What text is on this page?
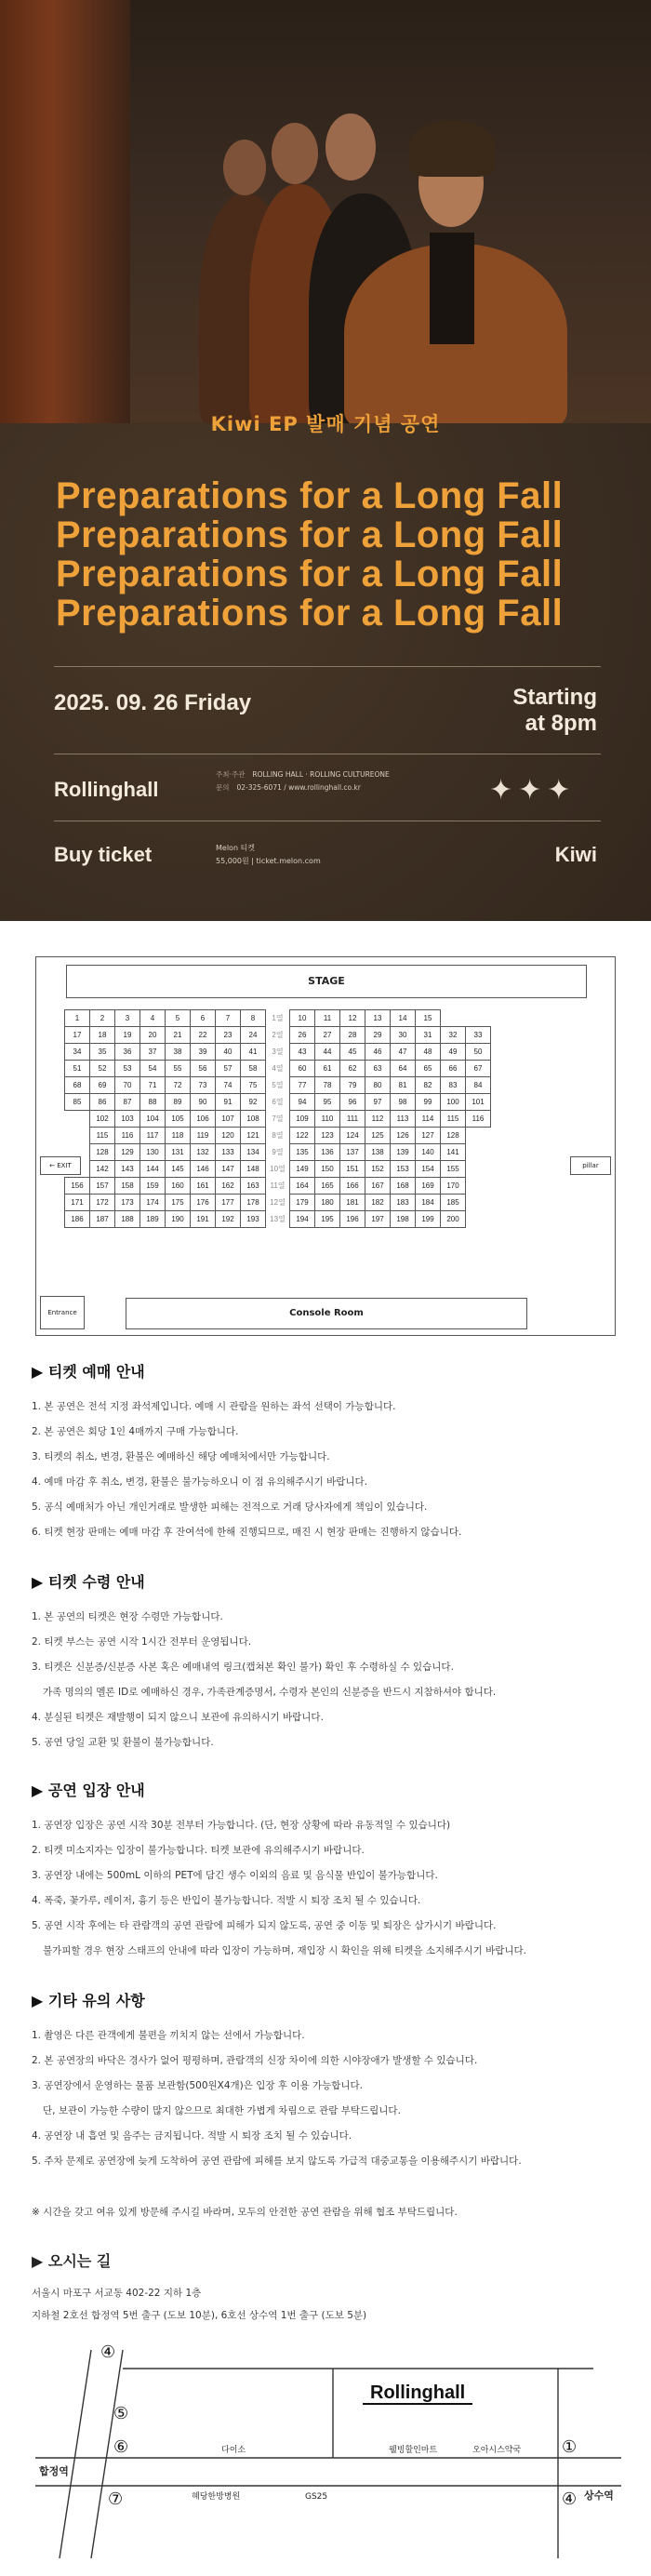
Kiwi EP 발매 기념 공연
Preparations for a Long Fall
Preparations for a Long Fall
Preparations for a Long Fall
Preparations for a Long Fall
2025. 09. 26 Friday	Starting
at 8pm
Rollinghall
주최·주관 ROLLING HALL · ROLLING CULTUREONE
문의 02-325-6071 / www.rollinghall.co.kr	✦✦✦
Buy ticket	Melon 티켓
55,000원 | ticket.melon.com	Kiwi
STAGE
1	2	3	4	5	6	7	8	1열	10	11	12	13	14	15		
17	18	19	20	21	22	23	24	2열	26	27	28	29	30	31	32	33
34	35	36	37	38	39	40	41	3열	43	44	45	46	47	48	49	50
51	52	53	54	55	56	57	58	4열	60	61	62	63	64	65	66	67
68	69	70	71	72	73	74	75	5열	77	78	79	80	81	82	83	84
85	86	87	88	89	90	91	92	6열	94	95	96	97	98	99	100	101
	102	103	104	105	106	107	108	7열	109	110	111	112	113	114	115	116
	115	116	117	118	119	120	121	8열	122	123	124	125	126	127	128	
	128	129	130	131	132	133	134	9열	135	136	137	138	139	140	141	
	142	143	144	145	146	147	148	10열	149	150	151	152	153	154	155	
156	157	158	159	160	161	162	163	11열	164	165	166	167	168	169	170	
171	172	173	174	175	176	177	178	12열	179	180	181	182	183	184	185	
186	187	188	189	190	191	192	193	13열	194	195	196	197	198	199	200	
← EXIT	pillar
Entrance	Console Room
▶ 티켓 예매 안내
1. 본 공연은 전석 지정 좌석제입니다. 예매 시 관람을 원하는 좌석 선택이 가능합니다.
2. 본 공연은 회당 1인 4매까지 구매 가능합니다.
3. 티켓의 취소, 변경, 환불은 예매하신 해당 예매처에서만 가능합니다.
4. 예매 마감 후 취소, 변경, 환불은 불가능하오니 이 점 유의해주시기 바랍니다.
5. 공식 예매처가 아닌 개인거래로 발생한 피해는 전적으로 거래 당사자에게 책임이 있습니다.
6. 티켓 현장 판매는 예매 마감 후 잔여석에 한해 진행되므로, 매진 시 현장 판매는 진행하지 않습니다.
▶ 티켓 수령 안내
1. 본 공연의 티켓은 현장 수령만 가능합니다.
2. 티켓 부스는 공연 시작 1시간 전부터 운영됩니다.
3. 티켓은 신분증/신분증 사본 혹은 예매내역 링크(캡쳐본 확인 불가) 확인 후 수령하실 수 있습니다.
가족 명의의 멜론 ID로 예매하신 경우, 가족관계증명서, 수령자 본인의 신분증을 반드시 지참하셔야 합니다.
4. 분실된 티켓은 재발행이 되지 않으니 보관에 유의하시기 바랍니다.
5. 공연 당일 교환 및 환불이 불가능합니다.
▶ 공연 입장 안내
1. 공연장 입장은 공연 시작 30분 전부터 가능합니다. (단, 현장 상황에 따라 유동적일 수 있습니다)
2. 티켓 미소지자는 입장이 불가능합니다. 티켓 보관에 유의해주시기 바랍니다.
3. 공연장 내에는 500mL 이하의 PET에 담긴 생수 이외의 음료 및 음식물 반입이 불가능합니다.
4. 폭죽, 꽃가루, 레이저, 흉기 등은 반입이 불가능합니다. 적발 시 퇴장 조치 될 수 있습니다.
5. 공연 시작 후에는 타 관람객의 공연 관람에 피해가 되지 않도록, 공연 중 이동 및 퇴장은 삼가시기 바랍니다.
불가피할 경우 현장 스태프의 안내에 따라 입장이 가능하며, 재입장 시 확인을 위해 티켓을 소지해주시기 바랍니다.
▶ 기타 유의 사항
1. 촬영은 다른 관객에게 불편을 끼치지 않는 선에서 가능합니다.
2. 본 공연장의 바닥은 경사가 없어 평평하며, 관람객의 신장 차이에 의한 시야장애가 발생할 수 있습니다.
3. 공연장에서 운영하는 물품 보관함(500원X4개)은 입장 후 이용 가능합니다.
단, 보관이 가능한 수량이 많지 않으므로 최대한 가볍게 차림으로 관람 부탁드립니다.
4. 공연장 내 흡연 및 음주는 금지됩니다. 적발 시 퇴장 조치 될 수 있습니다.
5. 주차 문제로 공연장에 늦게 도착하여 공연 관람에 피해를 보지 않도록 가급적 대중교통을 이용해주시기 바랍니다.
※ 시간을 갖고 여유 있게 방문해 주시길 바라며, 모두의 안전한 공연 관람을 위해 협조 부탁드립니다.
▶ 오시는 길

서울시 마포구 서교동 402-22 지하 1층

지하철 2호선 합정역 5번 출구 (도보 10분), 6호선 상수역 1번 출구 (도보 5분)

합정역
상수역
Rollinghall
다이소
혜당한방병원	GS25
웰빙할인마트	오아시스약국
④
⑤
⑥
⑦
①
④
